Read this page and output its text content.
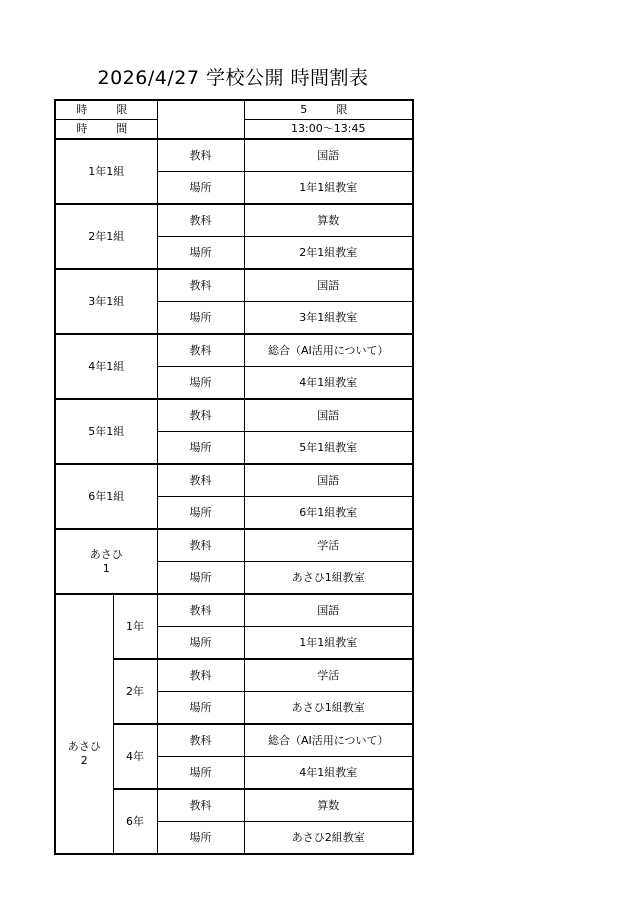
2026/4/27 学校公開 時間割表
時　限			5　限
時　間			13:00～13:45
1年1組		教科	国語
		場所	1年1組教室
2年1組		教科	算数
		場所	2年1組教室
3年1組		教科	国語
		場所	3年1組教室
4年1組		教科	総合（AI活用について）
		場所	4年1組教室
5年1組		教科	国語
		場所	5年1組教室
6年1組		教科	国語
		場所	6年1組教室

あさひ
1		教科	学活
		場所	あさひ1組教室

あさひ
2	1年	教科	国語
		場所	1年1組教室
	2年	教科	学活
		場所	あさひ1組教室
	4年	教科	総合（AI活用について）
		場所	4年1組教室
	6年	教科	算数
		場所	あさひ2組教室
